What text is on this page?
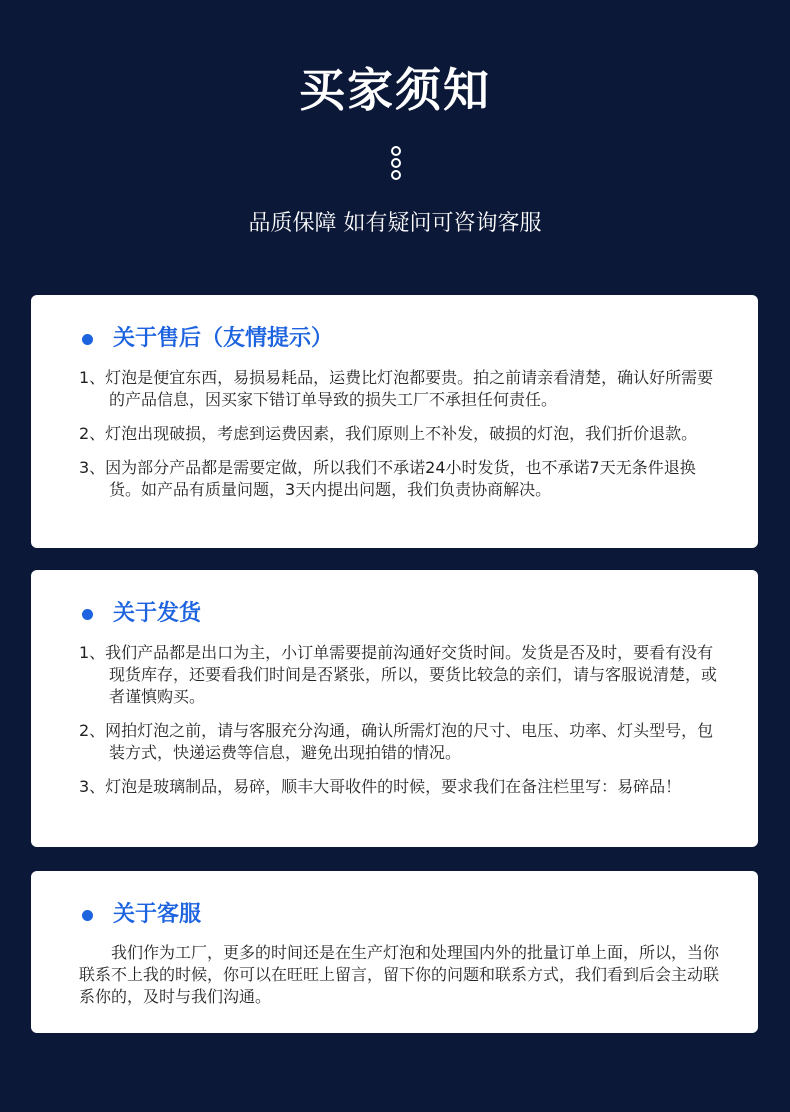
买家须知
品质保障 如有疑问可咨询客服
关于售后（友情提示）
1、灯泡是便宜东西，易损易耗品，运费比灯泡都要贵。拍之前请亲看清楚，确认好所需要的产品信息，因买家下错订单导致的损失工厂不承担任何责任。
2、灯泡出现破损，考虑到运费因素，我们原则上不补发，破损的灯泡，我们折价退款。
3、因为部分产品都是需要定做，所以我们不承诺24小时发货，也不承诺7天无条件退换货。如产品有质量问题，3天内提出问题，我们负责协商解决。
关于发货
1、我们产品都是出口为主，小订单需要提前沟通好交货时间。发货是否及时，要看有没有现货库存，还要看我们时间是否紧张，所以，要货比较急的亲们，请与客服说清楚，或者谨慎购买。
2、网拍灯泡之前，请与客服充分沟通，确认所需灯泡的尺寸、电压、功率、灯头型号，包装方式，快递运费等信息，避免出现拍错的情况。
3、灯泡是玻璃制品，易碎，顺丰大哥收件的时候，要求我们在备注栏里写：易碎品！
关于客服
我们作为工厂，更多的时间还是在生产灯泡和处理国内外的批量订单上面，所以，当你联系不上我的时候，你可以在旺旺上留言，留下你的问题和联系方式，我们看到后会主动联系你的，及时与我们沟通。
